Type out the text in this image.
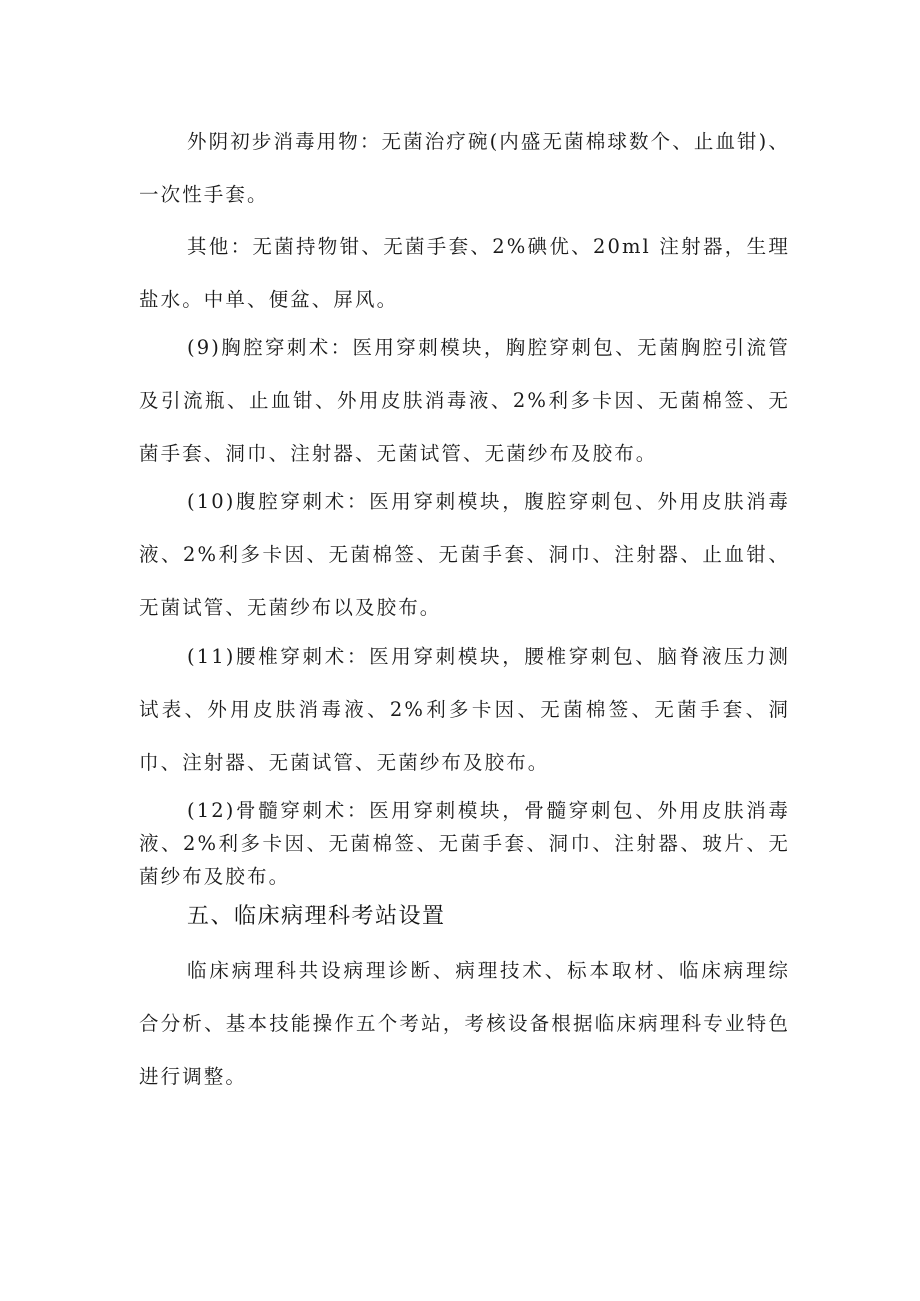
外阴初步消毒用物：无菌治疗碗(内盛无菌棉球数个、止血钳)、一次性手套。

其他：无菌持物钳、无菌手套、2%碘优、20ml 注射器，生理盐水。中单、便盆、屏风。

(9)胸腔穿刺术：医用穿刺模块，胸腔穿刺包、无菌胸腔引流管及引流瓶、止血钳、外用皮肤消毒液、2%利多卡因、无菌棉签、无菌手套、洞巾、注射器、无菌试管、无菌纱布及胶布。

(10)腹腔穿刺术：医用穿刺模块，腹腔穿刺包、外用皮肤消毒液、2%利多卡因、无菌棉签、无菌手套、洞巾、注射器、止血钳、无菌试管、无菌纱布以及胶布。

(11)腰椎穿刺术：医用穿刺模块，腰椎穿刺包、脑脊液压力测试表、外用皮肤消毒液、2%利多卡因、无菌棉签、无菌手套、洞巾、注射器、无菌试管、无菌纱布及胶布。

(12)骨髓穿刺术：医用穿刺模块，骨髓穿刺包、外用皮肤消毒液、2%利多卡因、无菌棉签、无菌手套、洞巾、注射器、玻片、无菌纱布及胶布。

五、临床病理科考站设置

临床病理科共设病理诊断、病理技术、标本取材、临床病理综合分析、基本技能操作五个考站，考核设备根据临床病理科专业特色进行调整。
